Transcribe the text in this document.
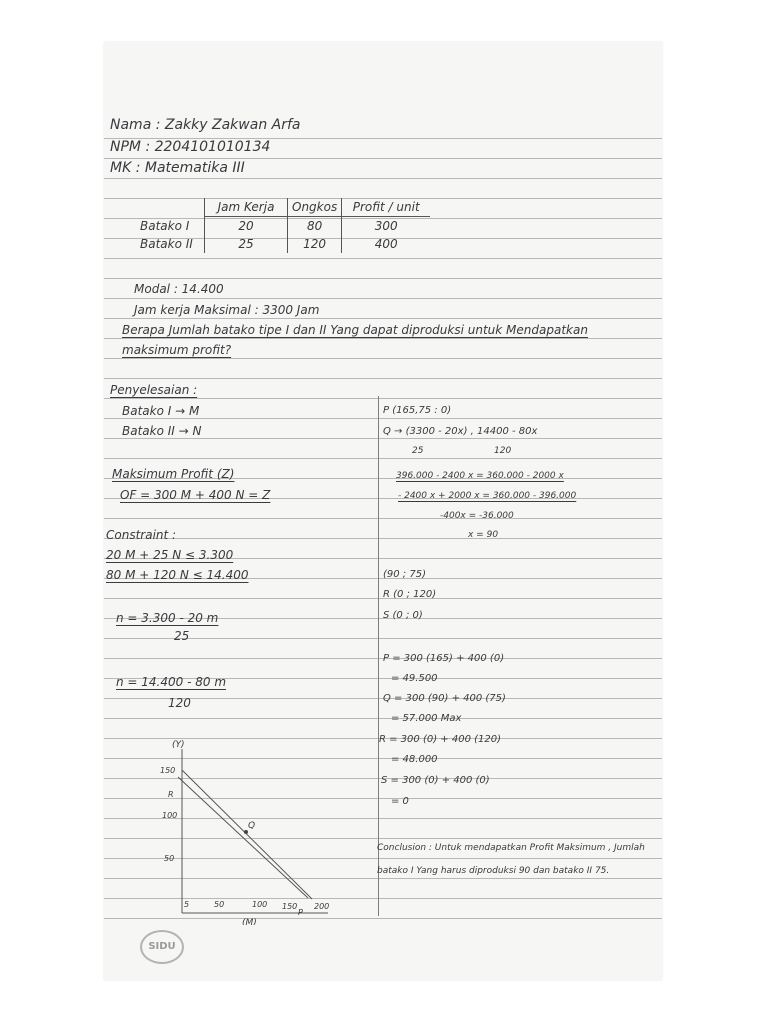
Nama : Zakky Zakwan Arfa
NPM : 2204101010134
MK : Matematika III
	Jam Kerja	Ongkos	Profit / unit
Batako I	20	80	300
Batako II	25	120	400
Modal : 14.400
Jam kerja Maksimal : 3300 Jam
Berapa Jumlah batako tipe I dan II Yang dapat diproduksi untuk Mendapatkan
maksimum profit?
Penyelesaian :
Batako I → M
Batako II → N
Maksimum Profit (Z)
OF = 300 M + 400 N = Z
Constraint :
20 M + 25 N ≤ 3.300
80 M + 120 N ≤ 14.400
n = 3.300 - 20 m
25
n = 14.400 - 80 m
120
P (165,75 : 0)
Q → (3300 - 20x) , 14400 - 80x
25	120
396.000 - 2400 x = 360.000 - 2000 x
- 2400 x + 2000 x = 360.000 - 396.000
-400x = -36.000
x = 90
(90 ; 75)
R (0 ; 120)
S (0 ; 0)
P = 300 (165) + 400 (0)
= 49.500
Q = 300 (90) + 400 (75)
= 57.000 Max
R = 300 (0) + 400 (120)
= 48.000
S = 300 (0) + 400 (0)
= 0
Conclusion : Untuk mendapatkan Profit Maksimum , Jumlah
batako I Yang harus diproduksi 90 dan batako II 75.
(Y)
150
R
100
50
5	50	100 150 200
Q
P
(M)
SIDU
